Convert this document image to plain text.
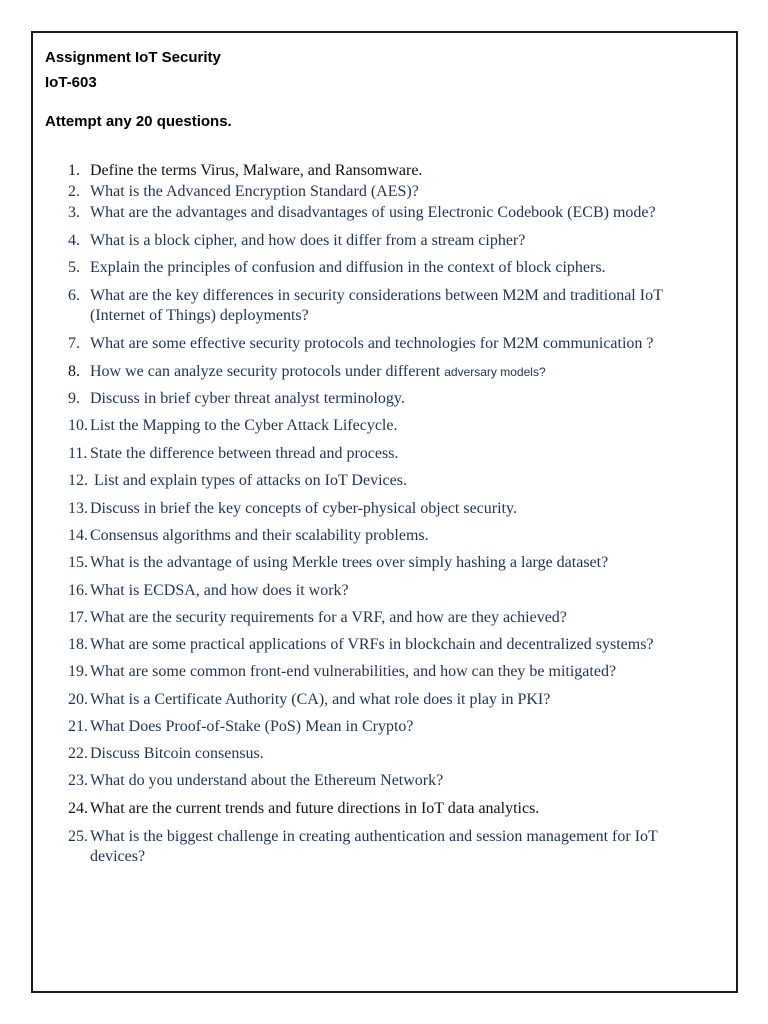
Assignment IoT Security
IoT-603
Attempt any 20 questions.
1. Define the terms Virus, Malware, and Ransomware.
2. What is the Advanced Encryption Standard (AES)?
3. What are the advantages and disadvantages of using Electronic Codebook (ECB) mode?
4. What is a block cipher, and how does it differ from a stream cipher?
5. Explain the principles of confusion and diffusion in the context of block ciphers.
6. What are the key differences in security considerations between M2M and traditional IoT
(Internet of Things) deployments?
7. What are some effective security protocols and technologies for M2M communication ?
8. How we can analyze security protocols under different adversary models?
9. Discuss in brief cyber threat analyst terminology.
10. List the Mapping to the Cyber Attack Lifecycle.
11. State the difference between thread and process.
12. List and explain types of attacks on IoT Devices.
13. Discuss in brief the key concepts of cyber-physical object security.
14. Consensus algorithms and their scalability problems.
15. What is the advantage of using Merkle trees over simply hashing a large dataset?
16. What is ECDSA, and how does it work?
17. What are the security requirements for a VRF, and how are they achieved?
18. What are some practical applications of VRFs in blockchain and decentralized systems?
19. What are some common front-end vulnerabilities, and how can they be mitigated?
20. What is a Certificate Authority (CA), and what role does it play in PKI?
21. What Does Proof-of-Stake (PoS) Mean in Crypto?
22. Discuss Bitcoin consensus.
23. What do you understand about the Ethereum Network?
24. What are the current trends and future directions in IoT data analytics.
25. What is the biggest challenge in creating authentication and session management for IoT
devices?
